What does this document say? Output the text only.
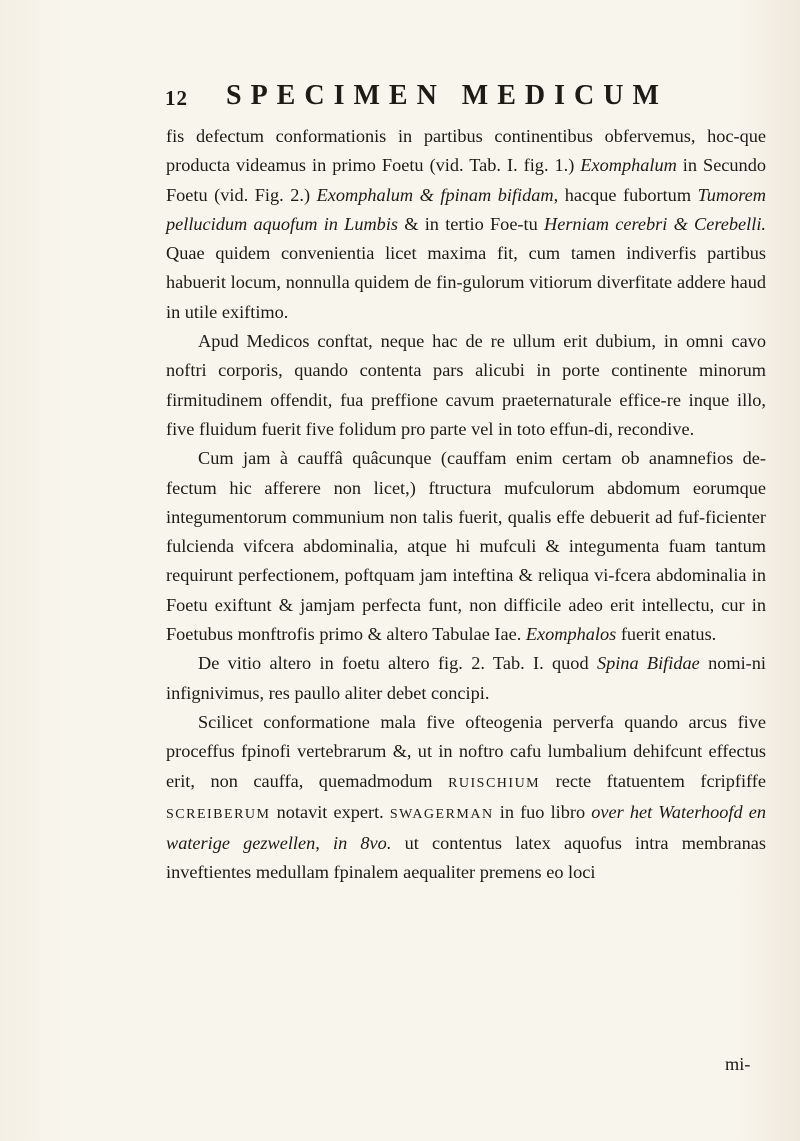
12 SPECIMEN MEDICUM

fis defectum conformationis in partibus continentibus obfervemus, hoc-que producta videamus in primo Foetu (vid. Tab. I. fig. 1.) Exomphalum in Secundo Foetu (vid. Fig. 2.) Exomphalum & fpinam bifidam, hacque fubortum Tumorem pellucidum aquofum in Lumbis & in tertio Foe-tu Herniam cerebri & Cerebelli. Quae quidem convenientia licet maxima fit, cum tamen indiverfis partibus habuerit locum, nonnulla quidem de fin-gulorum vitiorum diverfitate addere haud in utile exiftimo.

Apud Medicos conftat, neque hac de re ullum erit dubium, in omni cavo noftri corporis, quando contenta pars alicubi in porte continente minorum firmitudinem offendit, fua preffione cavum praeternaturale effice-re inque illo, five fluidum fuerit five folidum pro parte vel in toto effun-di, recondive.

Cum jam à cauffâ quâcunque (cauffam enim certam ob anamnefios de-fectum hic afferere non licet,) ftructura mufculorum abdomum eorumque integumentorum communium non talis fuerit, qualis effe debuerit ad fuf-ficienter fulcienda vifcera abdominalia, atque hi mufculi & integumenta fuam tantum requirunt perfectionem, poftquam jam inteftina & reliqua vi-fcera abdominalia in Foetu exiftunt & jamjam perfecta funt, non difficile adeo erit intellectu, cur in Foetubus monftrofis primo & altero Tabulae Iae. Exomphalos fuerit enatus.

De vitio altero in foetu altero fig. 2. Tab. I. quod Spina Bifidae nomi-ni infignivimus, res paullo aliter debet concipi.

Scilicet conformatione mala five ofteogenia perverfa quando arcus five proceffus fpinofi vertebrarum &, ut in noftro cafu lumbalium dehifcunt effectus erit, non cauffa, quemadmodum RUISCHIUM recte ftatuentem fcripfiffe SCREIBERUM notavit expert. SWAGERMAN in fuo libro over het Waterhoofd en waterige gezwellen, in 8vo. ut contentus latex aquofus intra membranas inveftientes medullam fpinalem aequaliter premens eo loci

mi-
